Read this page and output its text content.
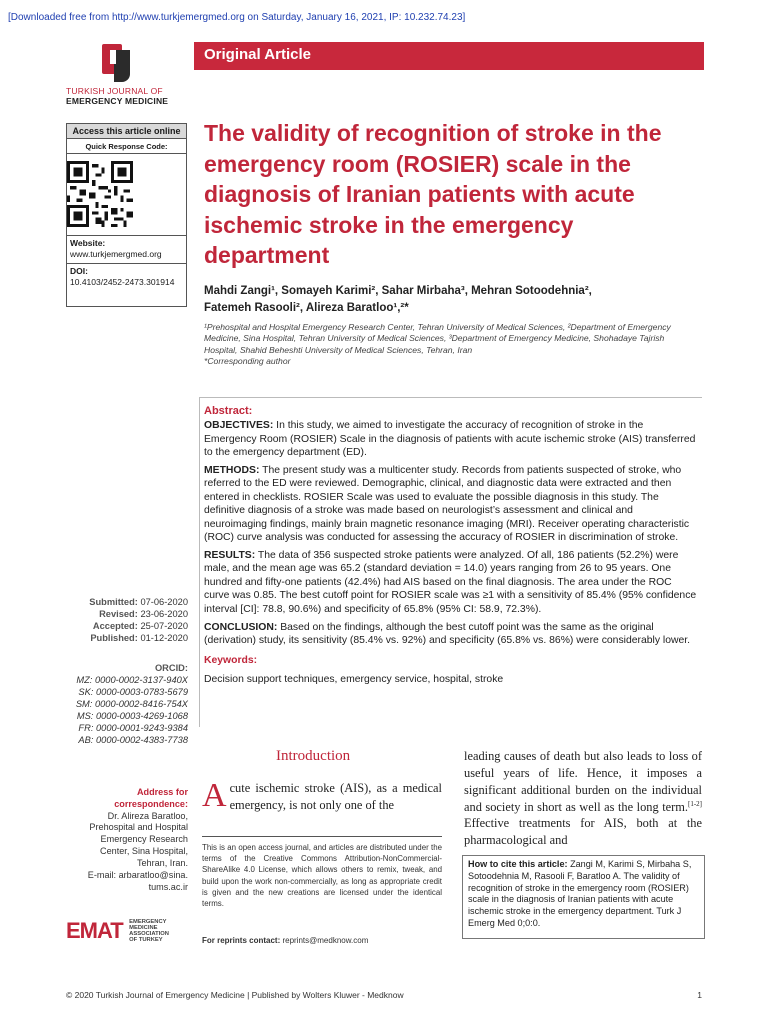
[Downloaded free from http://www.turkjemergmed.org on Saturday, January 16, 2021, IP: 10.232.74.23]
TURKISH JOURNAL OF
EMERGENCY MEDICINE
Original Article
Access this article online
Quick Response Code:
Website:
www.turkjemergmed.org
DOI:
10.4103/2452-2473.301914
The validity of recognition of stroke in the emergency room (ROSIER) scale in the diagnosis of Iranian patients with acute ischemic stroke in the emergency department
Mahdi Zangi¹, Somayeh Karimi², Sahar Mirbaha³, Mehran Sotoodehnia²,
Fatemeh Rasooli², Alireza Baratloo¹,²*
¹Prehospital and Hospital Emergency Research Center, Tehran University of Medical Sciences, ²Department of Emergency Medicine, Sina Hospital, Tehran University of Medical Sciences, ³Department of Emergency Medicine, Shohadaye Tajrish Hospital, Shahid Beheshti University of Medical Sciences, Tehran, Iran
*Corresponding author
Abstract:

OBJECTIVES: In this study, we aimed to investigate the accuracy of recognition of stroke in the Emergency Room (ROSIER) Scale in the diagnosis of patients with acute ischemic stroke (AIS) transferred to the emergency department (ED).

METHODS: The present study was a multicenter study. Records from patients suspected of stroke, who referred to the ED were reviewed. Demographic, clinical, and diagnostic data were extracted and then entered in checklists. ROSIER Scale was used to evaluate the possible diagnosis in this study. The definitive diagnosis of a stroke was made based on neurologist’s assessment and clinical and neuroimaging findings, mainly brain magnetic resonance imaging (MRI). Receiver operating characteristic (ROC) curve analysis was conducted for assessing the accuracy of ROSIER in discrimination of stroke.

RESULTS: The data of 356 suspected stroke patients were analyzed. Of all, 186 patients (52.2%) were male, and the mean age was 65.2 (standard deviation = 14.0) years ranging from 26 to 95 years. One hundred and fifty-one patients (42.4%) had AIS based on the final diagnosis. The area under the ROC curve was 0.85. The best cutoff point for ROSIER scale was ≥1 with a sensitivity of 85.4% (95% confidence interval [CI]: 78.8, 90.6%) and specificity of 65.8% (95% CI: 58.9, 72.3%).

CONCLUSION: Based on the findings, although the best cutoff point was the same as the original (derivation) study, its sensitivity (85.4% vs. 92%) and specificity (65.8% vs. 86%) were considerably lower.

Keywords:
Decision support techniques, emergency service, hospital, stroke
Submitted: 07-06-2020
Revised: 23-06-2020
Accepted: 25-07-2020
Published: 01-12-2020
ORCID:
MZ: 0000-0002-3137-940X
SK: 0000-0003-0783-5679
SM: 0000-0002-8416-754X
MS: 0000-0003-4269-1068
FR: 0000-0001-9243-9384
AB: 0000-0002-4383-7738
Address for
correspondence:
Dr. Alireza Baratloo,
Prehospital and Hospital
Emergency Research
Center, Sina Hospital,
Tehran, Iran.
E-mail: arbaratloo@sina.
tums.ac.ir
EMAT EMERGENCY
MEDICINE
ASSOCIATION
OF TURKEY
Introduction
Acute ischemic stroke (AIS), as a medical emergency, is not only one of the
leading causes of death but also leads to loss of useful years of life. Hence, it imposes a significant additional burden on the individual and society in short as well as the long term.[1-2] Effective treatments for AIS, both at the pharmacological and
This is an open access journal, and articles are distributed under the terms of the Creative Commons Attribution-NonCommercial-ShareAlike 4.0 License, which allows others to remix, tweak, and build upon the work non-commercially, as long as appropriate credit is given and the new creations are licensed under the identical terms.
For reprints contact: reprints@medknow.com
How to cite this article: Zangi M, Karimi S, Mirbaha S, Sotoodehnia M, Rasooli F, Baratloo A. The validity of recognition of stroke in the emergency room (ROSIER) scale in the diagnosis of Iranian patients with acute ischemic stroke in the emergency department. Turk J Emerg Med 0;0:0.
© 2020 Turkish Journal of Emergency Medicine | Published by Wolters Kluwer - Medknow	1
